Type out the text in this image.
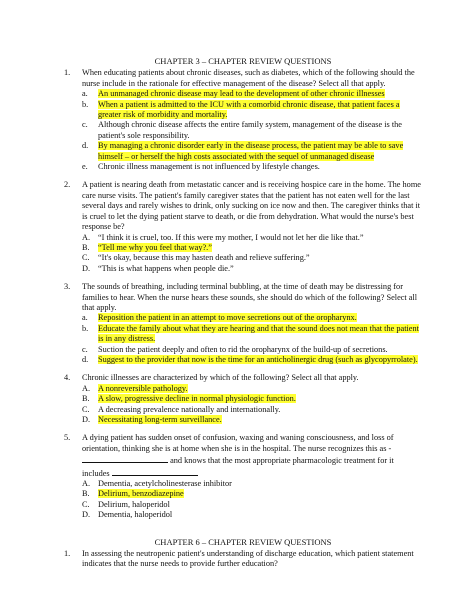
CHAPTER 3 – CHAPTER REVIEW QUESTIONS
1.	When educating patients about chronic diseases, such as diabetes, which of the following should the nurse include in the rationale for effective management of the disease? Select all that apply.

a.	An unmanaged chronic disease may lead to the development of other chronic illnesses
b.	When a patient is admitted to the ICU with a comorbid chronic disease, that patient faces a greater risk of morbidity and mortality.
c.	Although chronic disease affects the entire family system, management of the disease is the patient's sole responsibility.
d.	By managing a chronic disorder early in the disease process, the patient may be able to save himself – or herself the high costs associated with the sequel of unmanaged disease
e.	Chronic illness management is not influenced by lifestyle changes.
2.	A patient is nearing death from metastatic cancer and is receiving hospice care in the home. The home care nurse visits. The patient's family caregiver states that the patient has not eaten well for the last several days and rarely wishes to drink, only sucking on ice now and then. The caregiver thinks that it is cruel to let the dying patient starve to death, or die from dehydration. What would the nurse's best response be?

A. “I think it is cruel, too. If this were my mother, I would not let her die like that.”
B.	“Tell me why you feel that way?.”
C.	“It's okay, because this may hasten death and relieve suffering.”
D. “This is what happens when people die.”
3.	The sounds of breathing, including terminal bubbling, at the time of death may be distressing for families to hear. When the nurse hears these sounds, she should do which of the following? Select all that apply.

a.	Reposition the patient in an attempt to move secretions out of the oropharynx.
b.	Educate the family about what they are hearing and that the sound does not mean that the patient is in any distress.
c.	Suction the patient deeply and often to rid the oropharynx of the build-up of secretions.
d.	Suggest to the provider that now is the time for an anticholinergic drug (such as glycopyrrolate).
4.	Chronic illnesses are characterized by which of the following? Select all that apply.

A. A nonreversible pathology.
B.	A slow, progressive decline in normal physiologic function.
C.	A decreasing prevalence nationally and internationally.
D. Necessitating long-term surveillance.
5.	A dying patient has sudden onset of confusion, waxing and waning consciousness, and loss of orientation, thinking she is at home when she is in the hospital. The nurse recognizes this as -  and knows that the most appropriate pharmacologic treatment for it includes

A. Dementia, acetylcholinesterase inhibitor
B.	Delirium, benzodiazepine
C.	Delirium, haloperidol
D. Dementia, haloperidol
CHAPTER 6 – CHAPTER REVIEW QUESTIONS
1.	In assessing the neutropenic patient's understanding of discharge education, which patient statement indicates that the nurse needs to provide further education?
